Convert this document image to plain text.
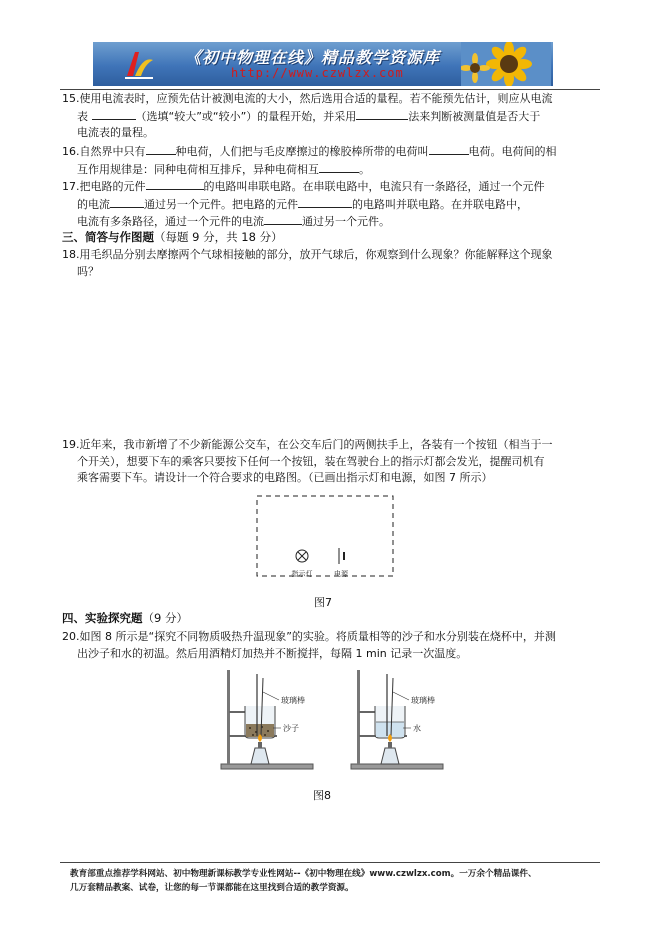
《初中物理在线》精品教学资源库
http://www.czwlzx.com
15.使用电流表时，应预先估计被测电流的大小，然后选用合适的量程。若不能预先估计，则应从电流
表	（选填“较大”或“较小”）的量程开始，并采用	法来判断被测量值是否大于
电流表的量程。
16.自然界中只有	种电荷，人们把与毛皮摩擦过的橡胶棒所带的电荷叫	电荷。电荷间的相
互作用规律是：同种电荷相互排斥，异种电荷相互	。
17.把电路的元件	的电路叫串联电路。在串联电路中，电流只有一条路径，通过一个元件
的电流	通过另一个元件。把电路的元件	的电路叫并联电路。在并联电路中，
电流有多条路径，通过一个元件的电流	通过另一个元件。
三、简答与作图题（每题 9 分，共 18 分）
18.用毛织品分别去摩擦两个气球相接触的部分，放开气球后，你观察到什么现象？你能解释这个现象
吗？
19.近年来，我市新增了不少新能源公交车，在公交车后门的两侧扶手上，各装有一个按钮（相当于一
个开关），想要下车的乘客只要按下任何一个按钮，装在驾驶台上的指示灯都会发光，提醒司机有
乘客需要下车。请设计一个符合要求的电路图。（已画出指示灯和电源，如图 7 所示）
指示灯	电源
图7
四、实验探究题（9 分）
20.如图 8 所示是“探究不同物质吸热升温现象”的实验。将质量相等的沙子和水分别装在烧杯中，并测
出沙子和水的初温。然后用酒精灯加热并不断搅拌，每隔 1 min 记录一次温度。
玻璃棒
沙子
玻璃棒
水
图8
教育部重点推荐学科网站、初中物理新课标教学专业性网站--《初中物理在线》www.czwlzx.com。一万余个精品课件、
几万套精品教案、试卷，让您的每一节课都能在这里找到合适的教学资源。
